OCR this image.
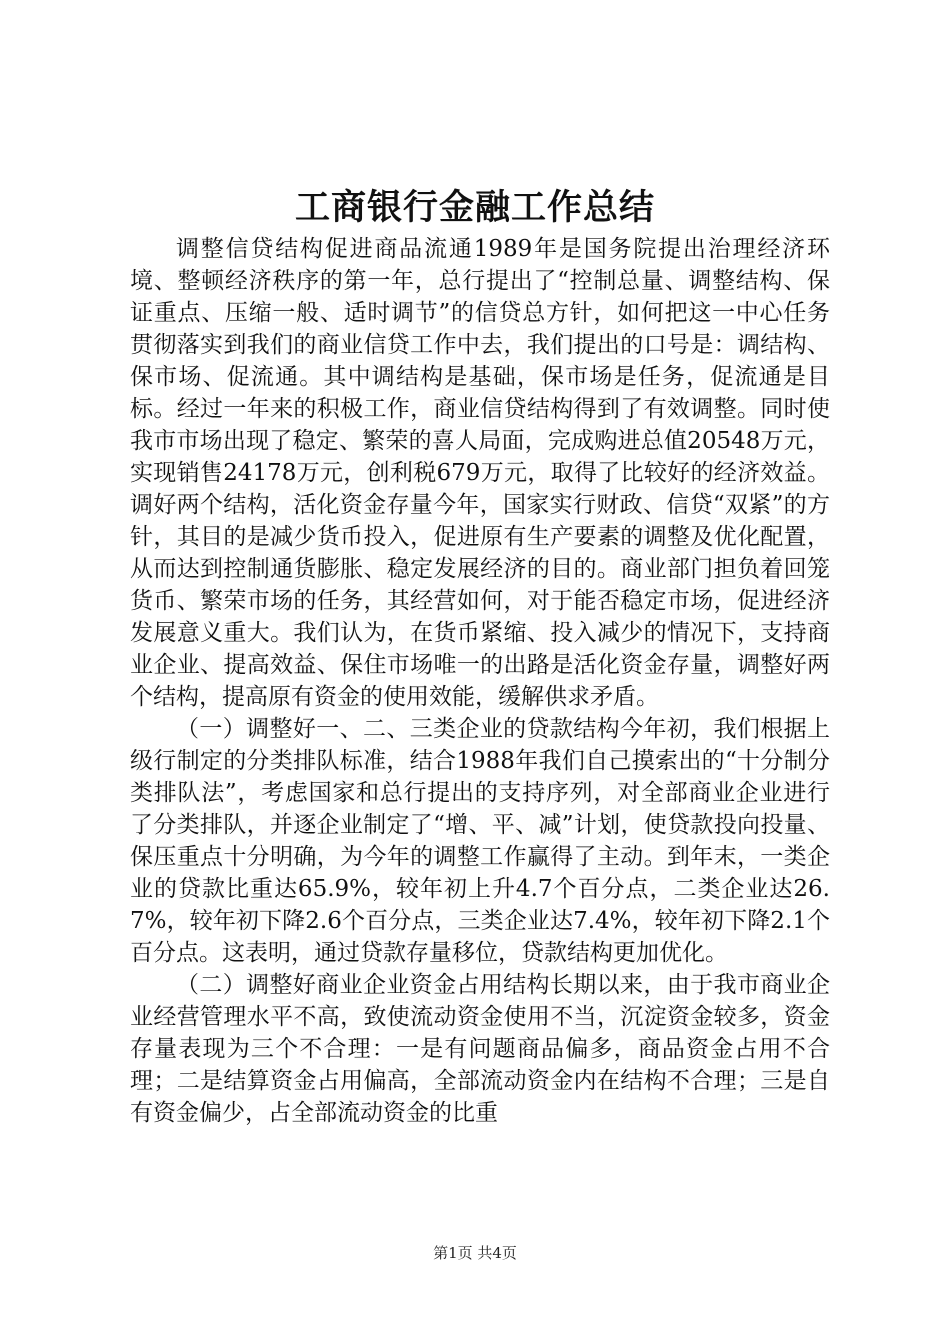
工商银行金融工作总结

调整信贷结构促进商品流通1989年是国务院提出治理经济环境、整顿经济秩序的第一年，总行提出了“控制总量、调整结构、保证重点、压缩一般、适时调节”的信贷总方针，如何把这一中心任务贯彻落实到我们的商业信贷工作中去，我们提出的口号是：调结构、保市场、促流通。其中调结构是基础，保市场是任务，促流通是目标。经过一年来的积极工作，商业信贷结构得到了有效调整。同时使我市市场出现了稳定、繁荣的喜人局面，完成购进总值20548万元，实现销售24178万元，创利税679万元，取得了比较好的经济效益。调好两个结构，活化资金存量今年，国家实行财政、信贷“双紧”的方针，其目的是减少货币投入，促进原有生产要素的调整及优化配置，从而达到控制通货膨胀、稳定发展经济的目的。商业部门担负着回笼货币、繁荣市场的任务，其经营如何，对于能否稳定市场，促进经济发展意义重大。我们认为，在货币紧缩、投入减少的情况下，支持商业企业、提高效益、保住市场唯一的出路是活化资金存量，调整好两个结构，提高原有资金的使用效能，缓解供求矛盾。

（一）调整好一、二、三类企业的贷款结构今年初，我们根据上级行制定的分类排队标准，结合1988年我们自己摸索出的“十分制分类排队法”，考虑国家和总行提出的支持序列，对全部商业企业进行了分类排队，并逐企业制定了“增、平、减”计划，使贷款投向投量、保压重点十分明确，为今年的调整工作赢得了主动。到年末，一类企业的贷款比重达65.9%，较年初上升4.7个百分点，二类企业达26.7%，较年初下降2.6个百分点，三类企业达7.4%，较年初下降2.1个百分点。这表明，通过贷款存量移位，贷款结构更加优化。

（二）调整好商业企业资金占用结构长期以来，由于我市商业企业经营管理水平不高，致使流动资金使用不当，沉淀资金较多，资金存量表现为三个不合理：一是有问题商品偏多，商品资金占用不合理；二是结算资金占用偏高，全部流动资金内在结构不合理；三是自有资金偏少，占全部流动资金的比重

第1页 共4页
